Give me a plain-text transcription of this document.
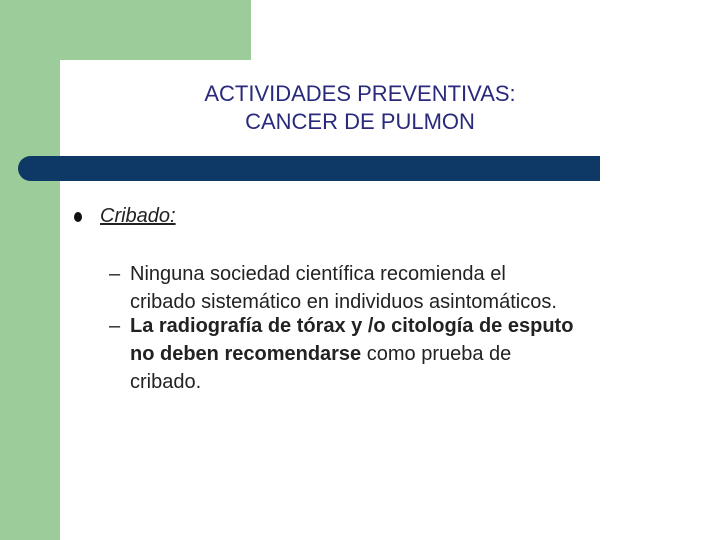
ACTIVIDADES PREVENTIVAS:
CANCER DE PULMON
Cribado:
– Ninguna sociedad científica recomienda el
cribado sistemático en individuos asintomáticos.
– La radiografía de tórax y /o citología de esputo
no deben recomendarse como prueba de
cribado.
